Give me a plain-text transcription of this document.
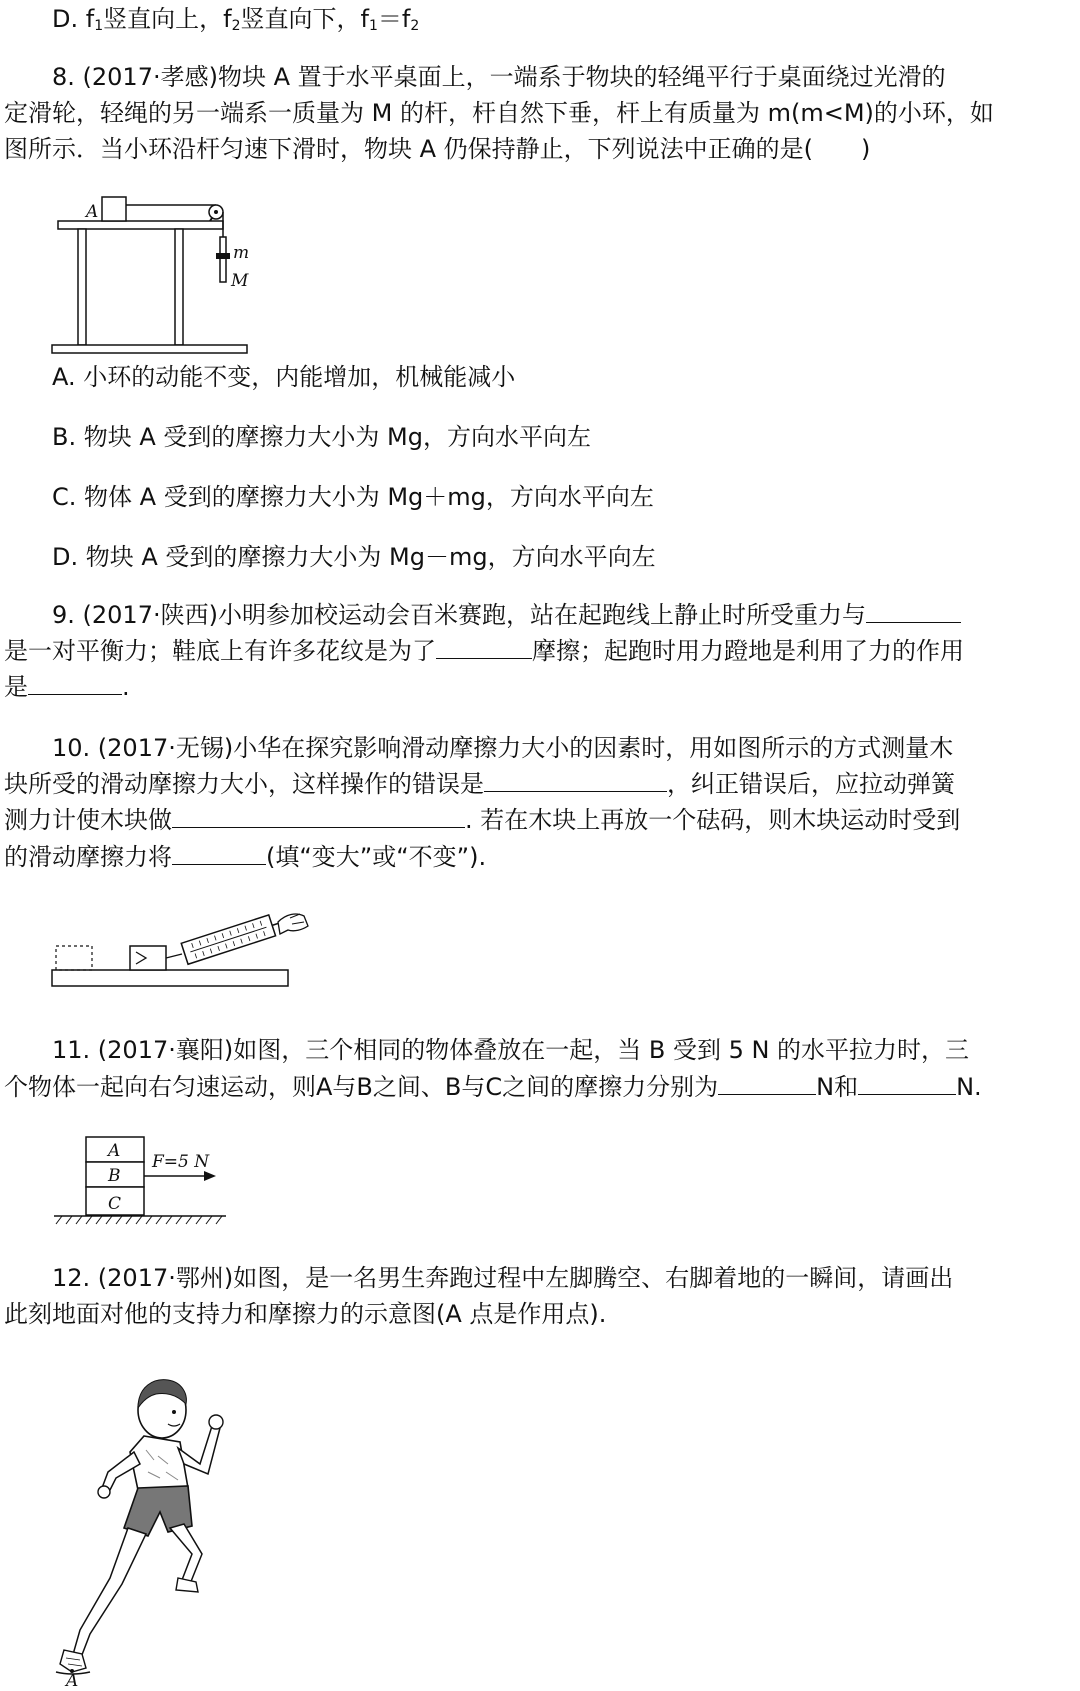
D. $f_1$竖直向上，$f_2$竖直向下，$f_1=f_2$
8. (2017·孝感)物块 A 置于水平桌面上，一端系于物块的轻绳平行于桌面绕过光滑的
定滑轮，轻绳的另一端系一质量为 M 的杆，杆自然下垂，杆上有质量为 m(m<M)的小环，如
图所示．当小环沿杆匀速下滑时，物块 A 仍保持静止，下列说法中正确的是(　　)
A
m
M
A. 小环的动能不变，内能增加，机械能减小
B. 物块 A 受到的摩擦力大小为 Mg，方向水平向左
C. 物体 A 受到的摩擦力大小为 Mg＋mg，方向水平向左
D. 物块 A 受到的摩擦力大小为 Mg－mg，方向水平向左
9. (2017·陕西)小明参加校运动会百米赛跑，站在起跑线上静止时所受重力与
是一对平衡力；鞋底上有许多花纹是为了	摩擦；起跑时用力蹬地是利用了力的作用
是	.
10. (2017·无锡)小华在探究影响滑动摩擦力大小的因素时，用如图所示的方式测量木
块所受的滑动摩擦力大小，这样操作的错误是	，纠正错误后，应拉动弹簧
测力计使木块做	. 若在木块上再放一个砝码，则木块运动时受到
的滑动摩擦力将	(填“变大”或“不变”).
11. (2017·襄阳)如图，三个相同的物体叠放在一起，当 B 受到 5 N 的水平拉力时，三
个物体一起向右匀速运动，则A与B之间、B与C之间的摩擦力分别为	N和	N.
A
B
C
F=5 N
12. (2017·鄂州)如图，是一名男生奔跑过程中左脚腾空、右脚着地的一瞬间，请画出
此刻地面对他的支持力和摩擦力的示意图(A 点是作用点).
A
